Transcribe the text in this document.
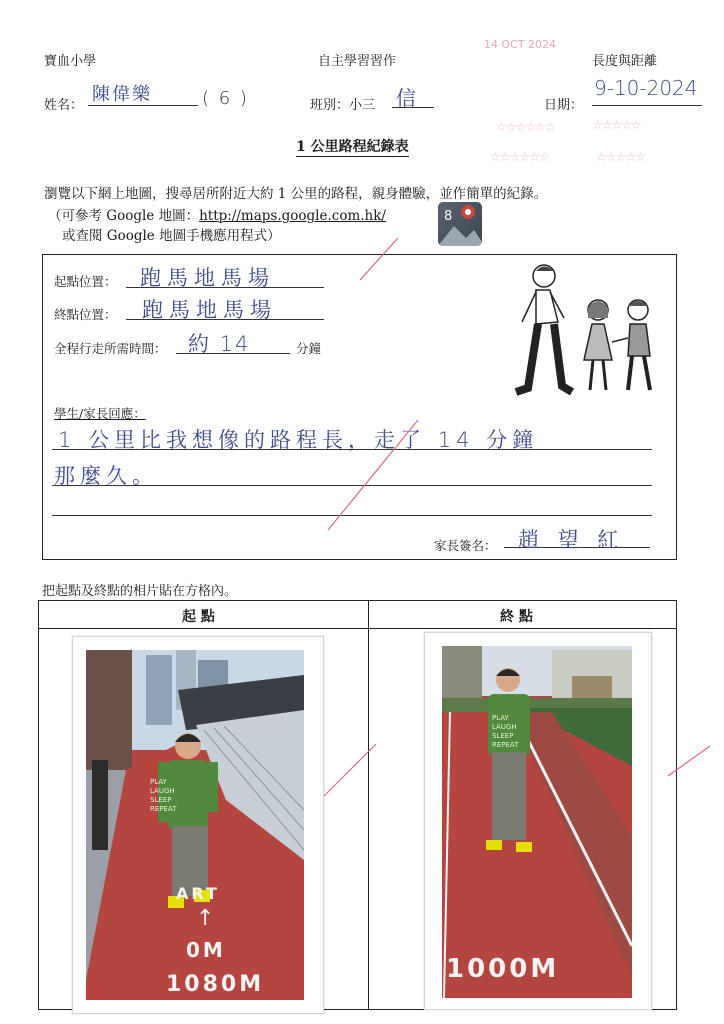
寶血小學	自主學習習作	長度與距離
14 OCT 2024
姓名：
陳偉樂	( 6 )	班別：小三 信	日期：
9-10-2024
☆☆☆☆☆☆	☆☆☆☆☆
☆☆☆☆☆☆	☆☆☆☆☆
1 公里路程紀錄表
瀏覽以下網上地圖，搜尋居所附近大約 1 公里的路程，親身體驗，並作簡單的紀錄。
（可參考 Google 地圖：http://maps.google.com.hk/
或查閱 Google 地圖手機應用程式）
8
起點位置： 跑馬地馬場
終點位置： 跑馬地馬場
全程行走所需時間： 約 14	分鐘
學生/家長回應：
1 公里比我想像的路程長，走了 14 分鐘
那麼久。
家長簽名： 趙 望 紅
把起點及終點的相片貼在方格內。
起 點	終 點
ART
↑
0M
1080M
PLAY
LAUGH
SLEEP
REPEAT
PLAY
LAUGH
SLEEP
REPEAT
1000M
